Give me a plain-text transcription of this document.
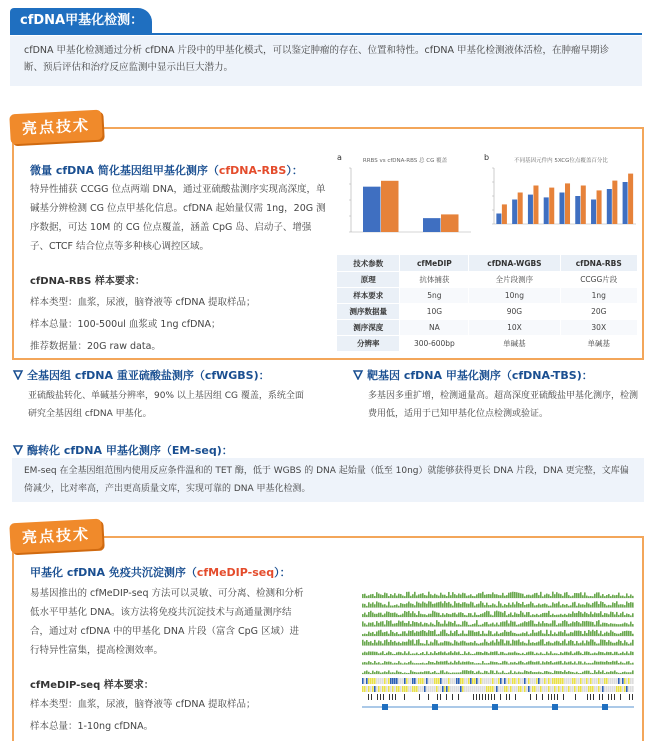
cfDNA甲基化检测：
cfDNA 甲基化检测通过分析 cfDNA 片段中的甲基化模式，可以鉴定肿瘤的存在、位置和特性。cfDNA 甲基化检测液体活检，在肿瘤早期诊断、预后评估和治疗反应监测中显示出巨大潜力。
亮点技术
微量 cfDNA 简化基因组甲基化测序（cfDNA-RBS）：
特异性捕获 CCGG 位点两端 DNA，通过亚硫酸盐测序实现高深度，单碱基分辨检测 CG 位点甲基化信息。cfDNA 起始量仅需 1ng，20G 测序数据，可达 10M 的 CG 位点覆盖，涵盖 CpG 岛、启动子、增强子、CTCF 结合位点等多种核心调控区域。
cfDNA-RBS 样本要求：
样本类型：血浆，尿液，脑脊液等 cfDNA 提取样品；
样本总量：100-500ul 血浆或 1ng cfDNA；
推荐数据量：20G raw data。
a	RRBS vs cfDNA-RBS 总 CG 覆盖	b	不同基因元件内 5XCG位点覆盖百分比
技术参数	cfMeDIP	cfDNA-WGBS	cfDNA-RBS
原理	抗体捕获	全片段测序	CCGG片段
样本要求	5ng	10ng	1ng
测序数据量	10G	90G	20G
测序深度	NA	10X	30X
分辨率	300-600bp	单碱基	单碱基
全基因组 cfDNA 重亚硫酸盐测序（cfWGBS)：
亚硫酸盐转化、单碱基分辨率，90% 以上基因组 CG 覆盖，系统全面研究全基因组 cfDNA 甲基化。
靶基因 cfDNA 甲基化测序（cfDNA-TBS)：
多基因多重扩增，检测通量高。超高深度亚硫酸盐甲基化测序，检测费用低，适用于已知甲基化位点检测或验证。
酶转化 cfDNA 甲基化测序（EM-seq)：
EM-seq 在全基因组范围内使用反应条件温和的 TET 酶，低于 WGBS 的 DNA 起始量（低至 10ng）就能够获得更长 DNA 片段，DNA 更完整，文库偏倚减少，比对率高，产出更高质量文库，实现可靠的 DNA 甲基化检测。
亮点技术
甲基化 cfDNA 免疫共沉淀测序（cfMeDIP-seq）：
易基因推出的 cfMeDIP-seq 方法可以灵敏、可分离、检测和分析低水平甲基化 DNA。该方法将免疫共沉淀技术与高通量测序结合，通过对 cfDNA 中的甲基化 DNA 片段（富含 CpG 区域）进行特异性富集，提高检测效率。
cfMeDIP-seq 样本要求：
样本类型：血浆，尿液，脑脊液等 cfDNA 提取样品；
样本总量：1-10ng cfDNA。
